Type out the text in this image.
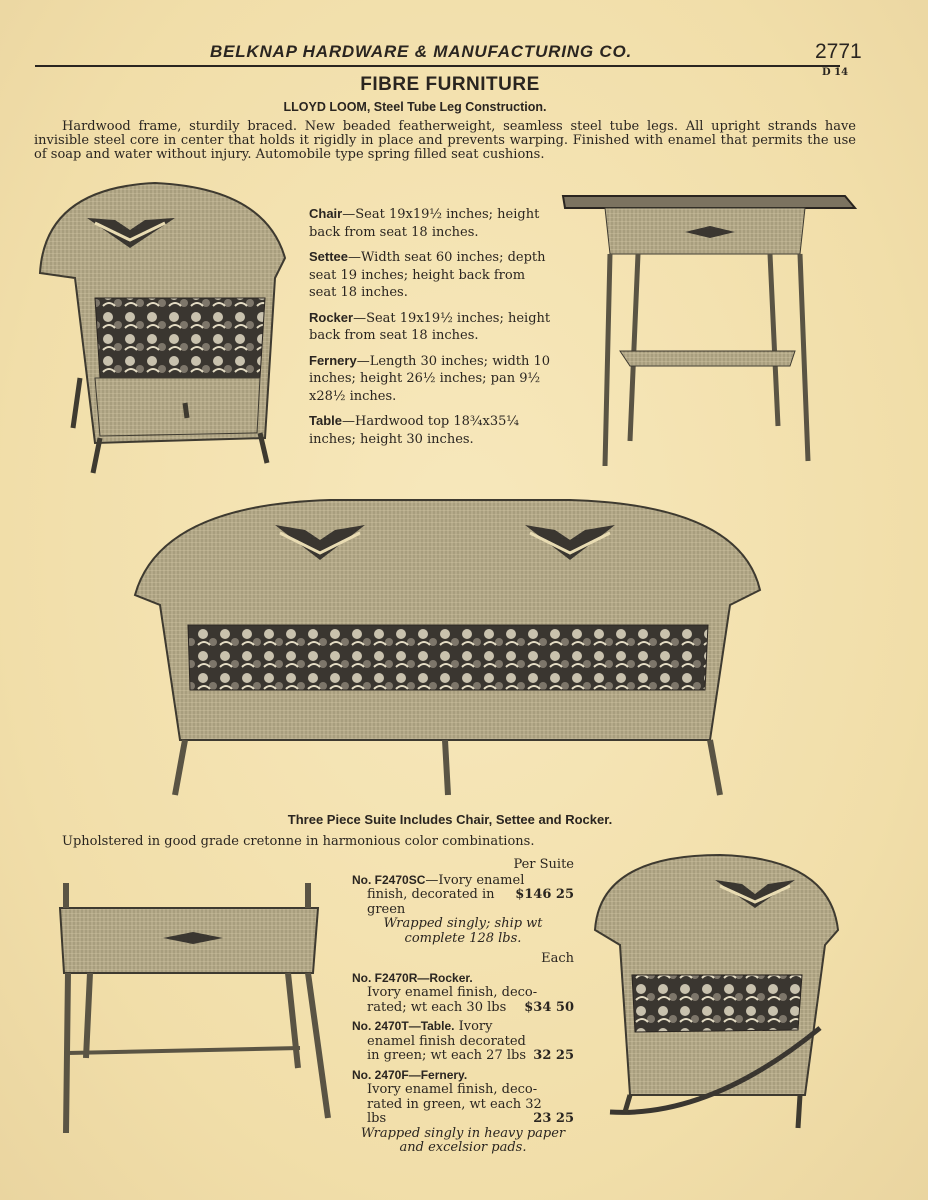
BELKNAP HARDWARE & MANUFACTURING CO.	2771
D 14
FIBRE FURNITURE
LLOYD LOOM, Steel Tube Leg Construction.
Hardwood frame, sturdily braced. New beaded featherweight, seamless steel tube legs. All upright strands have invisible steel core in center that holds it rigidly in place and prevents warping. Finished with enamel that permits the use of soap and water without injury. Automobile type spring filled seat cushions.

Chair—Seat 19x19½ inches; height back from seat 18 inches.

Settee—Width seat 60 inches; depth seat 19 inches; height back from seat 18 inches.

Rocker—Seat 19x19½ inches; height back from seat 18 inches.

Fernery—Length 30 inches; width 10 inches; height 26½ inches; pan 9½ x28½ inches.

Table—Hardwood top 18¾x35¼ inches; height 30 inches.

Three Piece Suite Includes Chair, Settee and Rocker.
Upholstered in good grade cretonne in harmonious color combinations.
Per Suite
No. F2470SC—Ivory enamel
finish, decorated in green
$146 25
Wrapped singly; ship wt complete 128 lbs.
Each
No. F2470R—Rocker.
Ivory enamel finish, deco-
rated; wt each 30 lbs $34 50
No. 2470T—Table. Ivory
enamel finish decorated
in green; wt each 27 lbs 32 25
No. 2470F—Fernery.
Ivory enamel finish, deco- rated in green, wt each 32
lbs	23 25
Wrapped singly in heavy paper and excelsior pads.
